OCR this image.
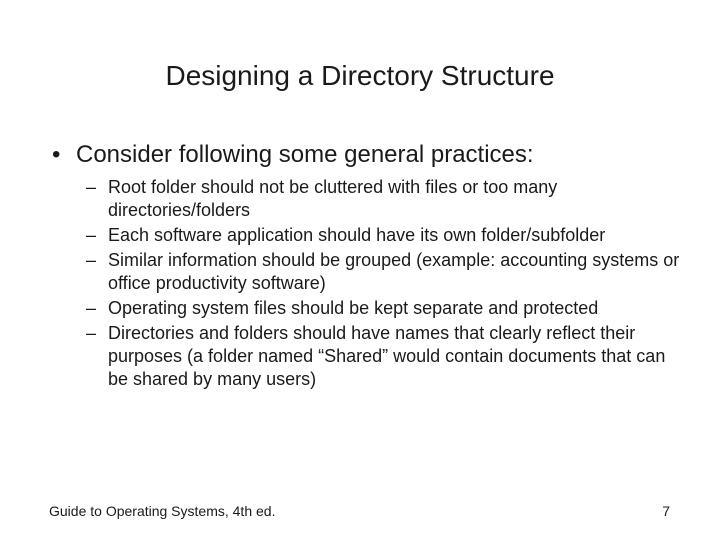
Designing a Directory Structure
• Consider following some general practices:
– Root folder should not be cluttered with files or too many directories/folders
– Each software application should have its own folder/subfolder
– Similar information should be grouped (example: accounting systems or office productivity software)
– Operating system files should be kept separate and protected
– Directories and folders should have names that clearly reflect their purposes (a folder named “Shared” would contain documents that can be shared by many users)
Guide to Operating Systems, 4th ed.	7
